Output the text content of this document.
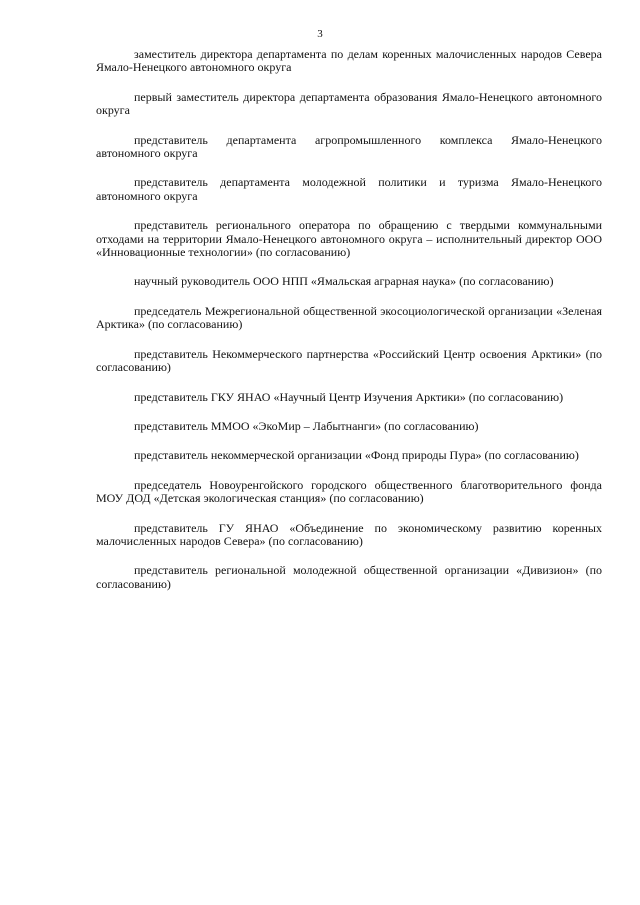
3
заместитель директора департамента по делам коренных малочисленных народов Севера Ямало-Ненецкого автономного округа
первый заместитель директора департамента образования Ямало-Ненецкого автономного округа
представитель департамента агропромышленного комплекса Ямало-Ненецкого автономного округа
представитель департамента молодежной политики и туризма Ямало-Ненецкого автономного округа
представитель регионального оператора по обращению с твердыми коммунальными отходами на территории Ямало-Ненецкого автономного округа – исполнительный директор ООО «Инновационные технологии» (по согласованию)
научный руководитель ООО НПП «Ямальская аграрная наука» (по согласованию)
председатель Межрегиональной общественной экосоциологической организации «Зеленая Арктика» (по согласованию)
представитель Некоммерческого партнерства «Российский Центр освоения Арктики» (по согласованию)
представитель ГКУ ЯНАО «Научный Центр Изучения Арктики» (по согласованию)
представитель ММОО «ЭкоМир – Лабытнанги» (по согласованию)
представитель некоммерческой организации «Фонд природы Пура» (по согласованию)
председатель Новоуренгойского городского общественного благотворительного фонда МОУ ДОД «Детская экологическая станция» (по согласованию)
представитель ГУ ЯНАО «Объединение по экономическому развитию коренных малочисленных народов Севера» (по согласованию)
представитель региональной молодежной общественной организации «Дивизион» (по согласованию)
